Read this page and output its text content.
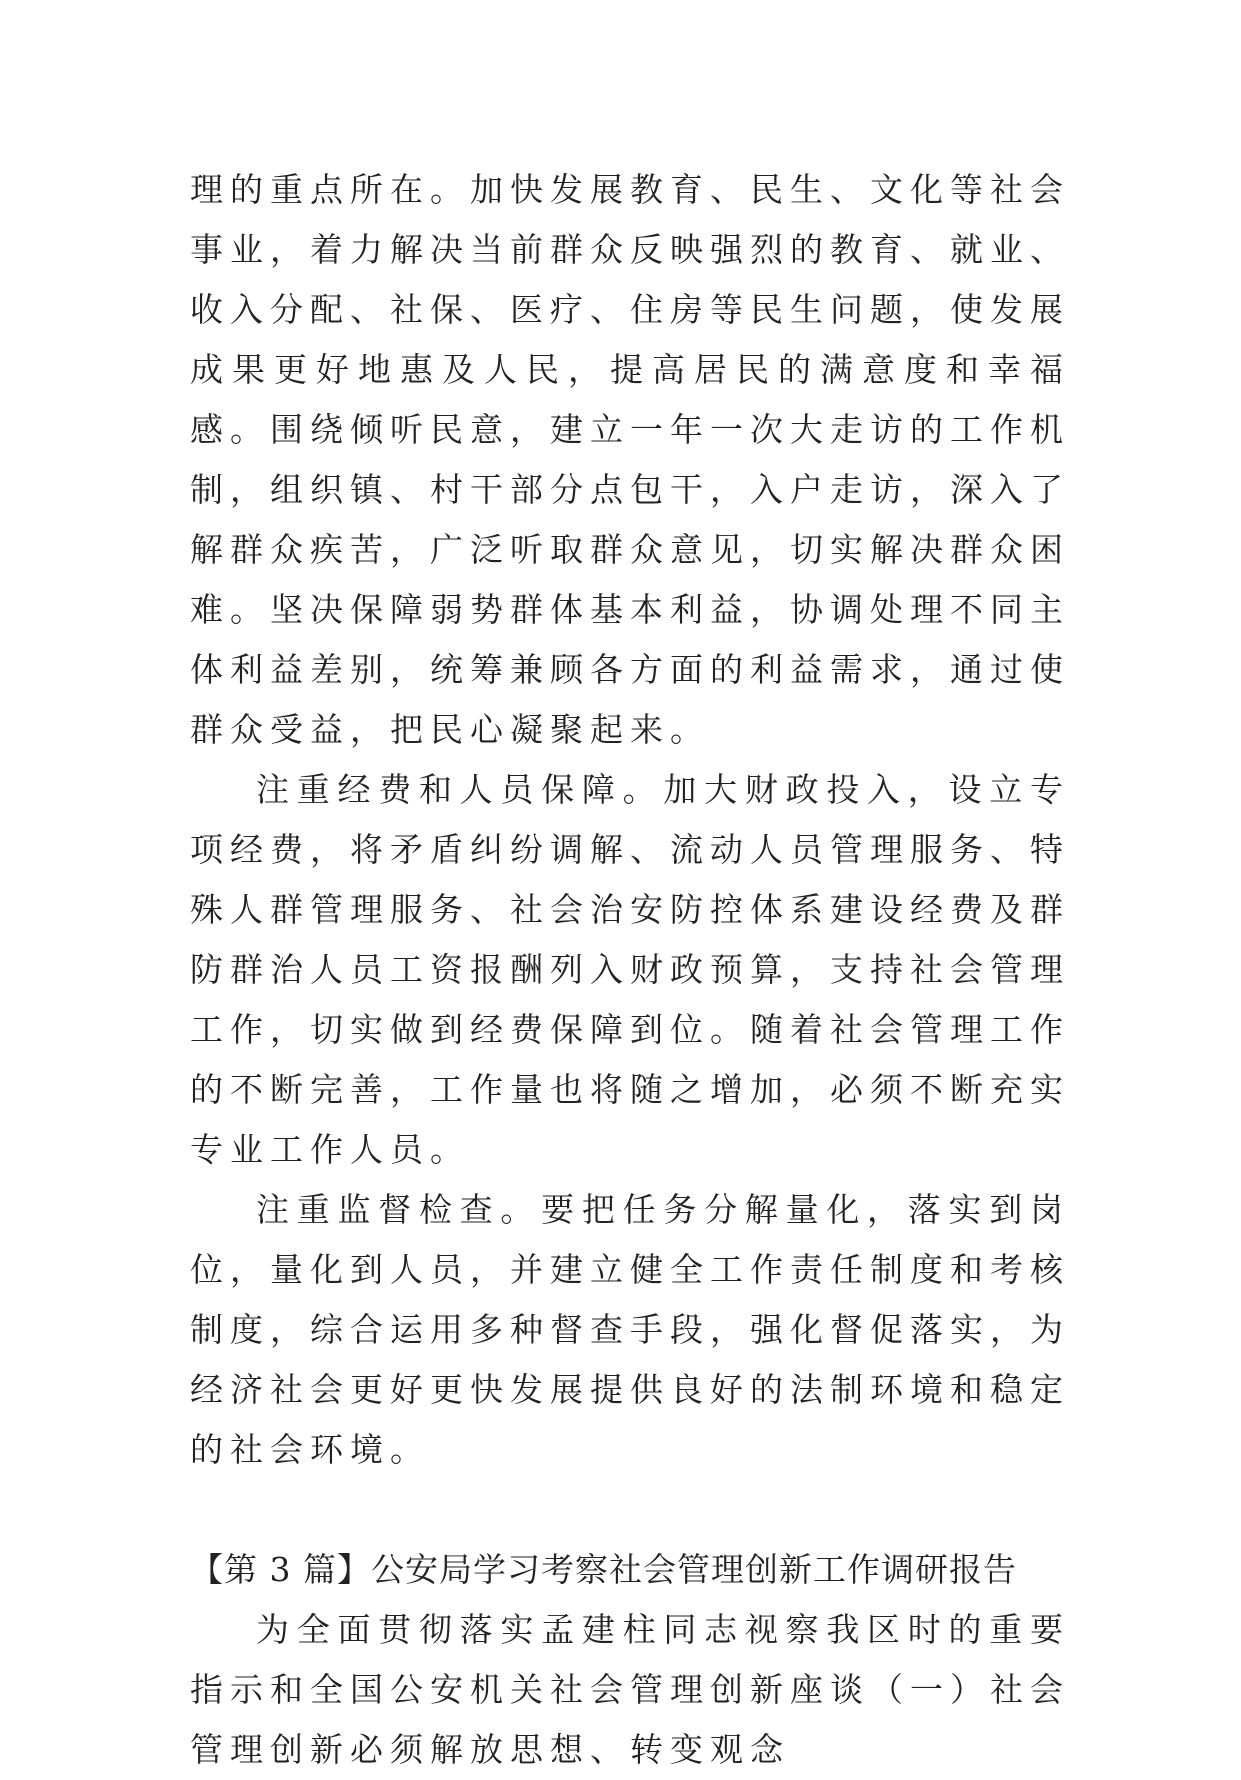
理的重点所在。加快发展教育、民生、文化等社会事业，着力解决当前群众反映强烈的教育、就业、收入分配、社保、医疗、住房等民生问题，使发展成果更好地惠及人民，提高居民的满意度和幸福感。围绕倾听民意，建立一年一次大走访的工作机制，组织镇、村干部分点包干，入户走访，深入了解群众疾苦，广泛听取群众意见，切实解决群众困难。坚决保障弱势群体基本利益，协调处理不同主体利益差别，统筹兼顾各方面的利益需求，通过使群众受益，把民心凝聚起来。

注重经费和人员保障。加大财政投入，设立专项经费，将矛盾纠纷调解、流动人员管理服务、特殊人群管理服务、社会治安防控体系建设经费及群防群治人员工资报酬列入财政预算，支持社会管理工作，切实做到经费保障到位。随着社会管理工作的不断完善，工作量也将随之增加，必须不断充实专业工作人员。

注重监督检查。要把任务分解量化，落实到岗位，量化到人员，并建立健全工作责任制度和考核制度，综合运用多种督查手段，强化督促落实，为经济社会更好更快发展提供良好的法制环境和稳定的社会环境。

【第 3 篇】公安局学习考察社会管理创新工作调研报告

为全面贯彻落实孟建柱同志视察我区时的重要指示和全国公安机关社会管理创新座谈（一）社会管理创新必须解放思想、转变观念
